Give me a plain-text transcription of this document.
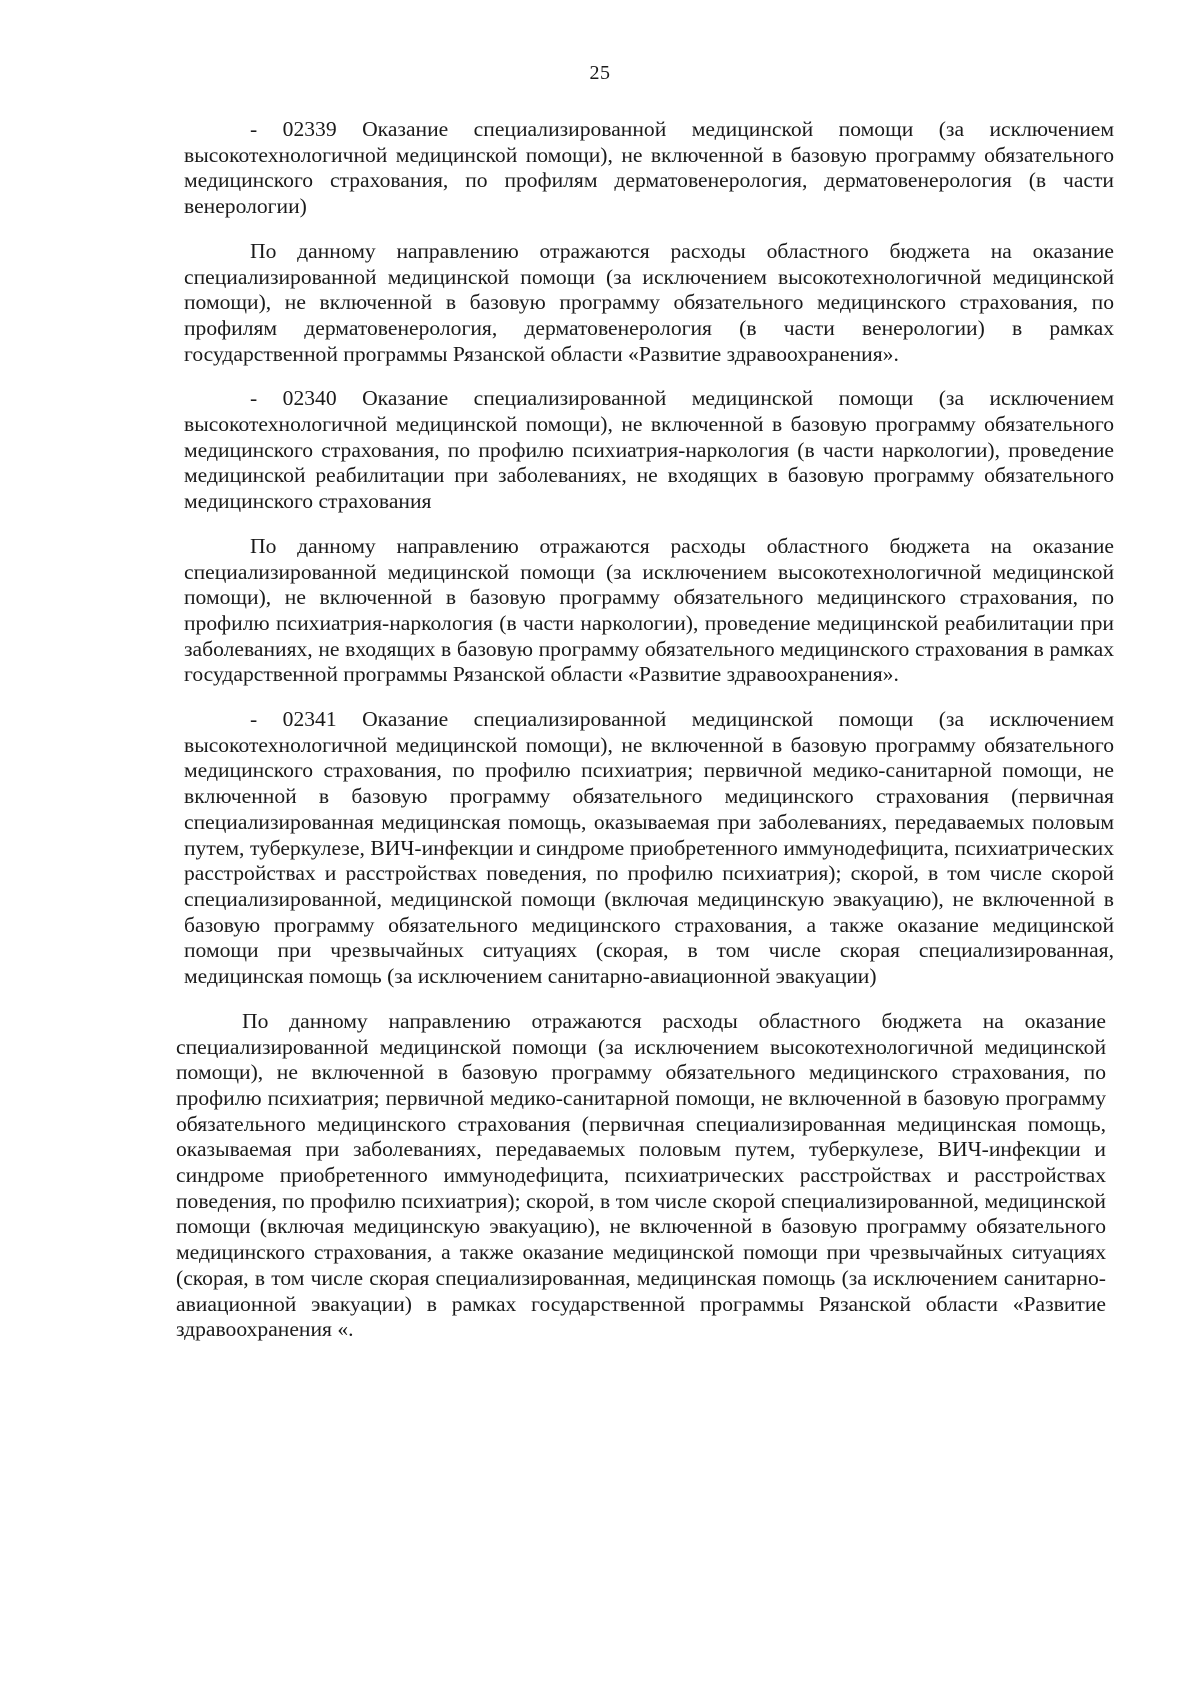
25

- 02339 Оказание специализированной медицинской помощи (за исключением высокотехнологичной медицинской помощи), не включенной в базовую программу обязательного медицинского страхования, по профилям дерматовенерология, дерматовенерология (в части венерологии)

По данному направлению отражаются расходы областного бюджета на оказание специализированной медицинской помощи (за исключением высокотехнологичной медицинской помощи), не включенной в базовую программу обязательного медицинского страхования, по профилям дерматовенерология, дерматовенерология (в части венерологии) в рамках государственной программы Рязанской области «Развитие здравоохранения».

- 02340 Оказание специализированной медицинской помощи (за исключением высокотехнологичной медицинской помощи), не включенной в базовую программу обязательного медицинского страхования, по профилю психиатрия-наркология (в части наркологии), проведение медицинской реабилитации при заболеваниях, не входящих в базовую программу обязательного медицинского страхования

По данному направлению отражаются расходы областного бюджета на оказание специализированной медицинской помощи (за исключением высокотехнологичной медицинской помощи), не включенной в базовую программу обязательного медицинского страхования, по профилю психиатрия-наркология (в части наркологии), проведение медицинской реабилитации при заболеваниях, не входящих в базовую программу обязательного медицинского страхования в рамках государственной программы Рязанской области «Развитие здравоохранения».

- 02341 Оказание специализированной медицинской помощи (за исключением высокотехнологичной медицинской помощи), не включенной в базовую программу обязательного медицинского страхования, по профилю психиатрия; первичной медико-санитарной помощи, не включенной в базовую программу обязательного медицинского страхования (первичная специализированная медицинская помощь, оказываемая при заболеваниях, передаваемых половым путем, туберкулезе, ВИЧ-инфекции и синдроме приобретенного иммунодефицита, психиатрических расстройствах и расстройствах поведения, по профилю психиатрия); скорой, в том числе скорой специализированной, медицинской помощи (включая медицинскую эвакуацию), не включенной в базовую программу обязательного медицинского страхования, а также оказание медицинской помощи при чрезвычайных ситуациях (скорая, в том числе скорая специализированная, медицинская помощь (за исключением санитарно-авиационной эвакуации)

По данному направлению отражаются расходы областного бюджета на оказание специализированной медицинской помощи (за исключением высокотехнологичной медицинской помощи), не включенной в базовую программу обязательного медицинского страхования, по профилю психиатрия; первичной медико-санитарной помощи, не включенной в базовую программу обязательного медицинского страхования (первичная специализированная медицинская помощь, оказываемая при заболеваниях, передаваемых половым путем, туберкулезе, ВИЧ-инфекции и синдроме приобретенного иммунодефицита, психиатрических расстройствах и расстройствах поведения, по профилю психиатрия); скорой, в том числе скорой специализированной, медицинской помощи (включая медицинскую эвакуацию), не включенной в базовую программу обязательного медицинского страхования, а также оказание медицинской помощи при чрезвычайных ситуациях (скорая, в том числе скорая специализированная, медицинская помощь (за исключением санитарно-авиационной эвакуации) в рамках государственной программы Рязанской области «Развитие здравоохранения «.
